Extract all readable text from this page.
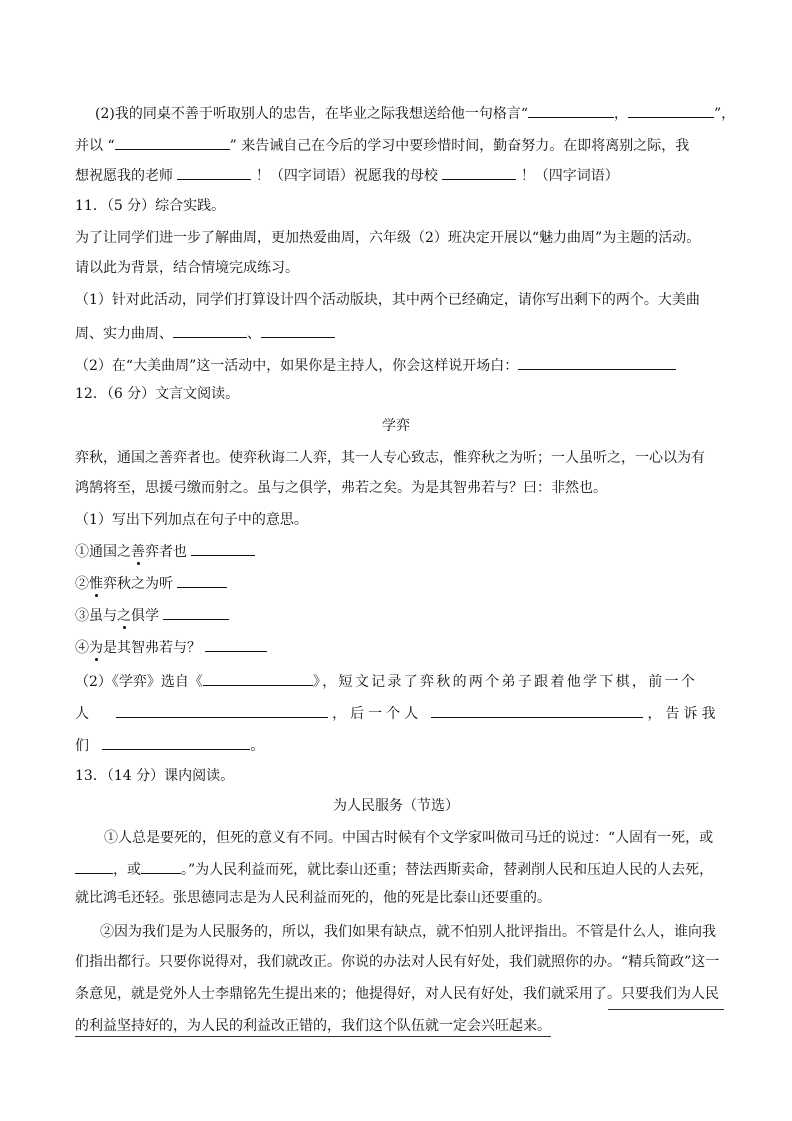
(2)我的同桌不善于听取别人的忠告，在毕业之际我想送给他一句格言“	，	”，
并以 “	” 来告诫自己在今后的学习中要珍惜时间，勤奋努力。在即将离别之际，我
想祝愿我的老师	！（四字词语）祝愿我的母校	！（四字词语）
11．（5 分）综合实践。
为了让同学们进一步了解曲周，更加热爱曲周，六年级（2）班决定开展以“魅力曲周”为主题的活动。
请以此为背景，结合情境完成练习。
（1）针对此活动，同学们打算设计四个活动版块，其中两个已经确定，请你写出剩下的两个。大美曲
周、实力曲周、	、
（2）在“大美曲周”这一活动中，如果你是主持人，你会这样说开场白：
12．（6 分）文言文阅读。
学弈
弈秋，通国之善弈者也。使弈秋诲二人弈，其一人专心致志，惟弈秋之为听；一人虽听之，一心以为有
鸿鹄将至，思援弓缴而射之。虽与之俱学，弗若之矣。为是其智弗若与？曰：非然也。
（1）写出下列加点在句子中的意思。
①通国之善弈者也
②惟弈秋之为听
③虽与之俱学
④为是其智弗若与？
（2）《学弈》选自《	》，短文记录了弈秋的两个弟子跟着他学下棋，前一个
人	，后一个人	，告诉我
们	。
13．（14 分）课内阅读。
为人民服务（节选）
①人总是要死的，但死的意义有不同。中国古时候有个文学家叫做司马迁的说过：“人固有一死，或
，或	。”为人民利益而死，就比泰山还重；替法西斯卖命，替剥削人民和压迫人民的人去死，
就比鸿毛还轻。张思德同志是为人民利益而死的，他的死是比泰山还要重的。
②因为我们是为人民服务的，所以，我们如果有缺点，就不怕别人批评指出。不管是什么人，谁向我
们指出都行。只要你说得对，我们就改正。你说的办法对人民有好处，我们就照你的办。“精兵简政”这一
条意见，就是党外人士李鼎铭先生提出来的；他提得好，对人民有好处，我们就采用了。只要我们为人民
的利益坚持好的，为人民的利益改正错的，我们这个队伍就一定会兴旺起来。
